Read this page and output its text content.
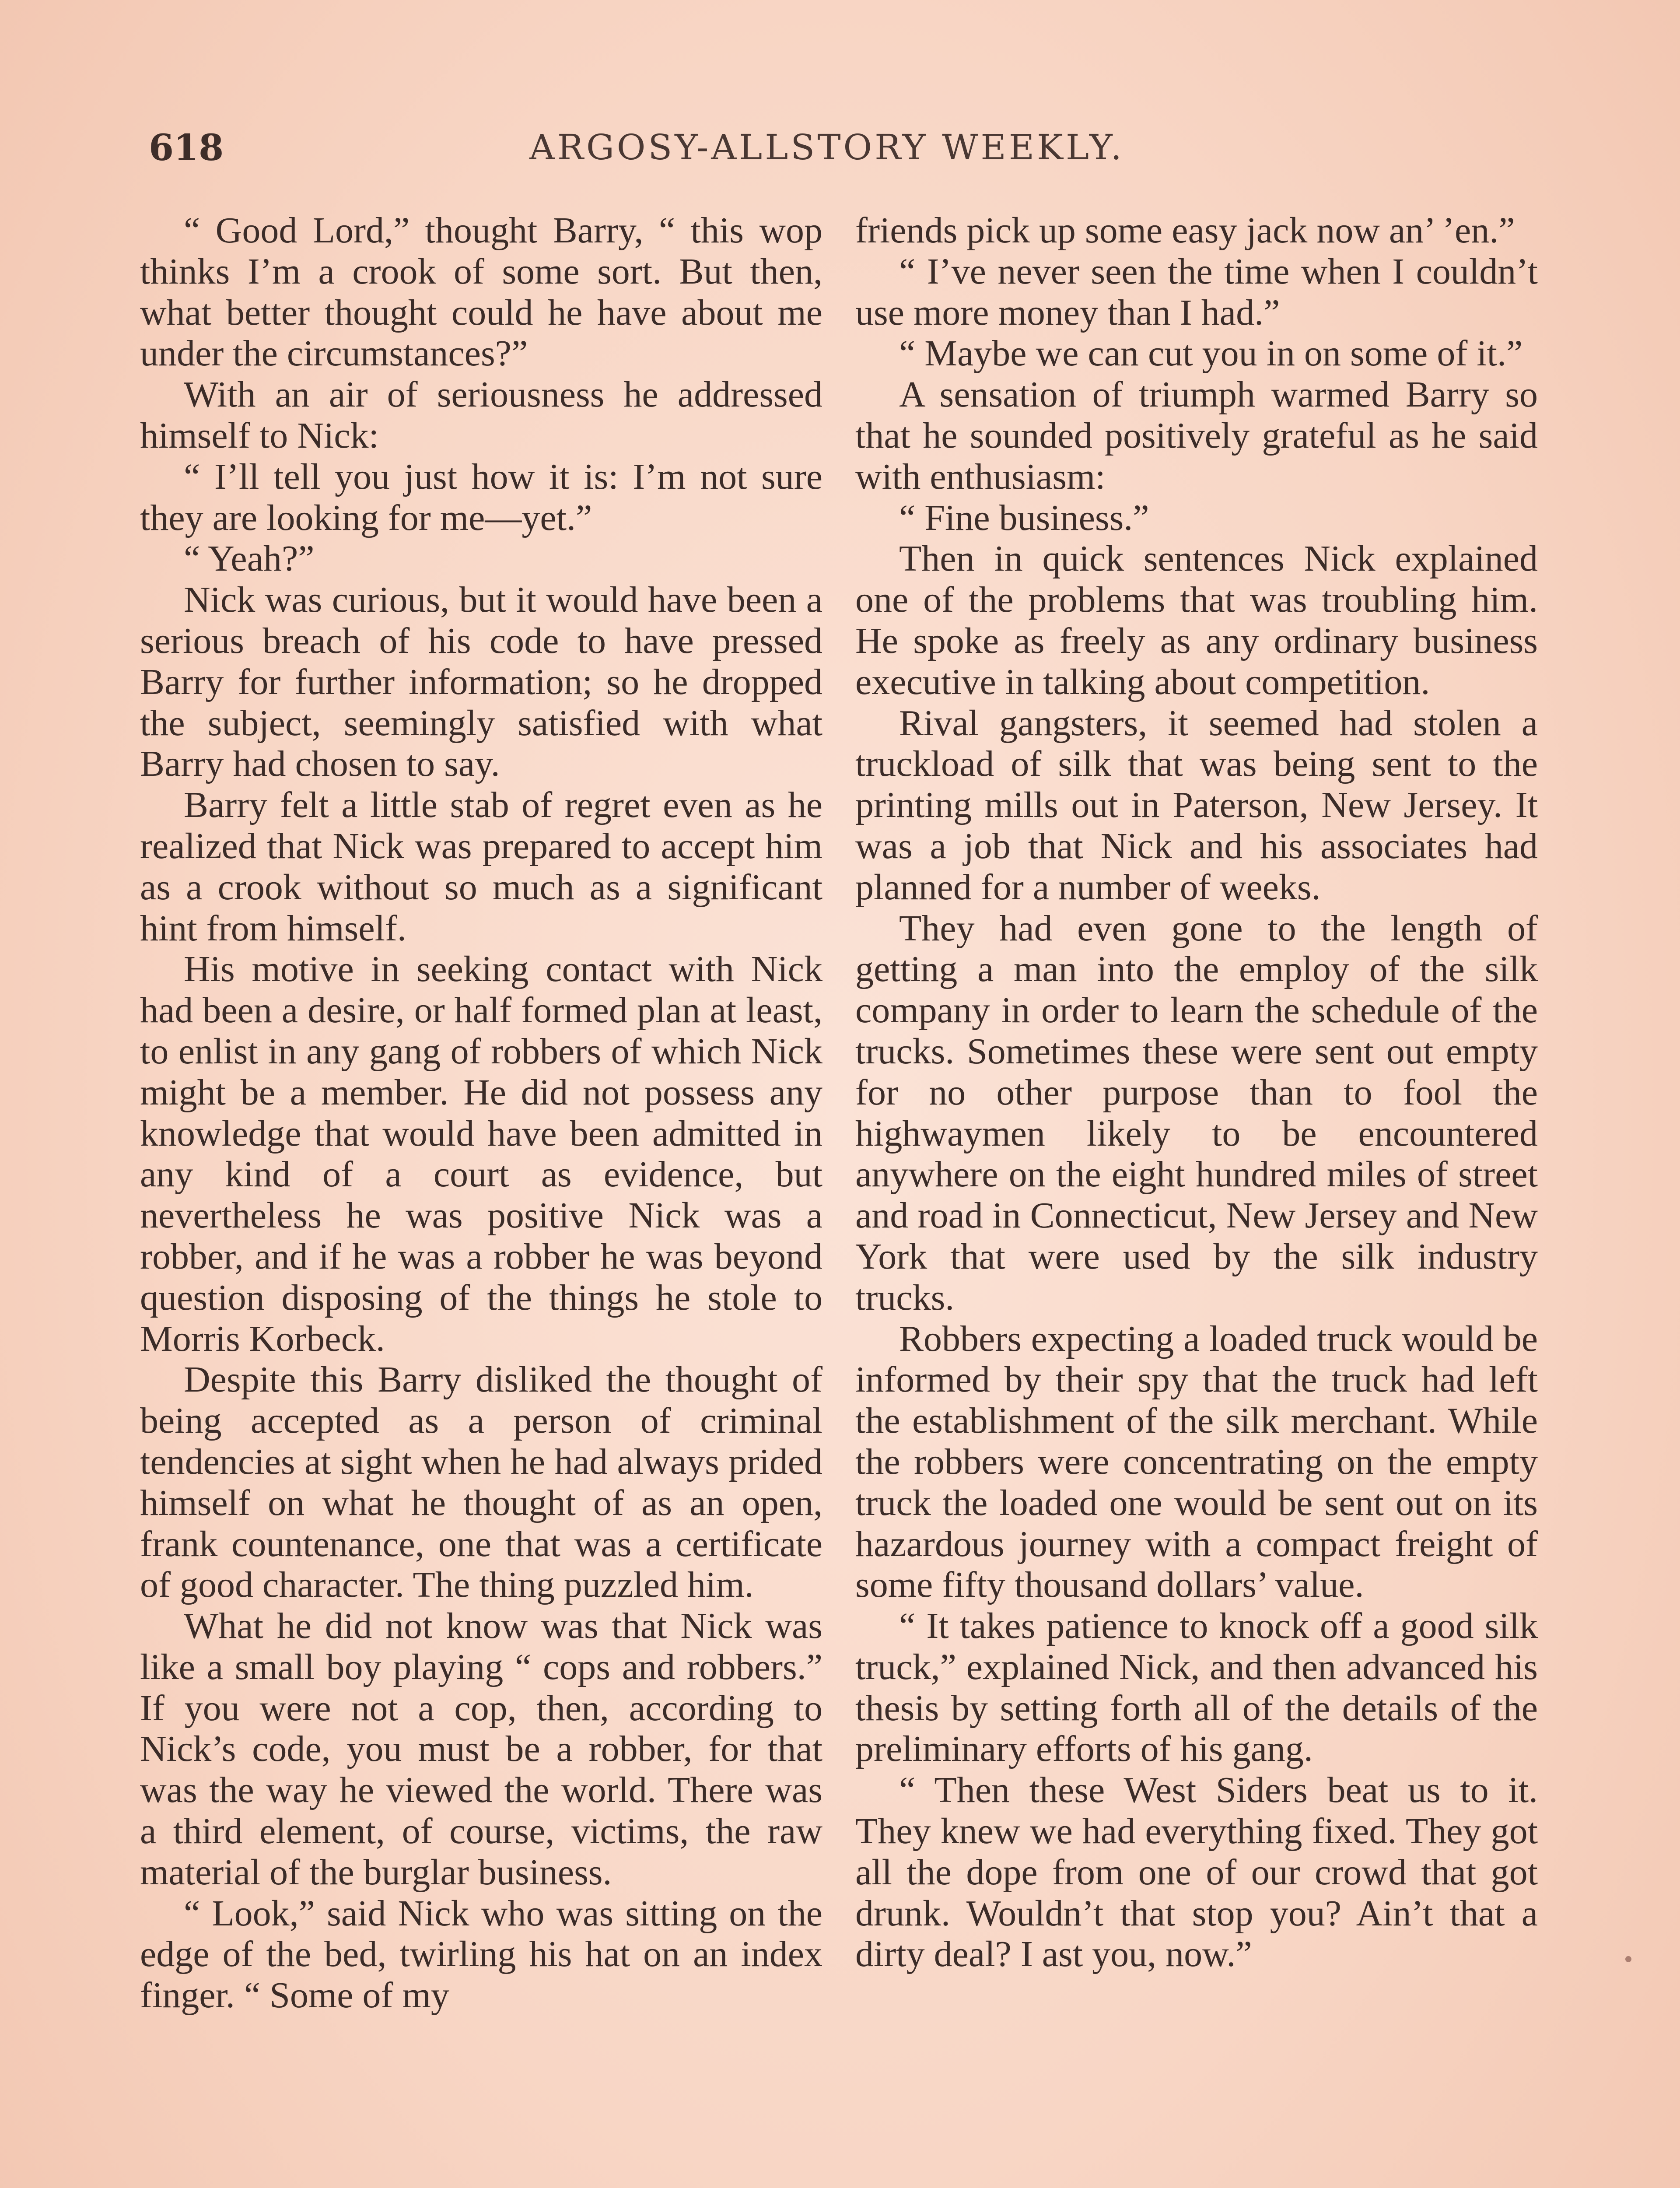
618	ARGOSY-ALLSTORY WEEKLY.

“ Good Lord,” thought Barry, “ this wop thinks I’m a crook of some sort. But then, what better thought could he have about me under the circumstances?”

With an air of seriousness he addressed himself to Nick:

“ I’ll tell you just how it is: I’m not sure they are looking for me—yet.”

“ Yeah?”

Nick was curious, but it would have been a serious breach of his code to have pressed Barry for further information; so he dropped the subject, seemingly satisfied with what Barry had chosen to say.

Barry felt a little stab of regret even as he realized that Nick was prepared to accept him as a crook without so much as a significant hint from himself.

His motive in seeking contact with Nick had been a desire, or half formed plan at least, to enlist in any gang of robbers of which Nick might be a member. He did not possess any knowledge that would have been admitted in any kind of a court as evidence, but nevertheless he was positive Nick was a robber, and if he was a robber he was beyond question disposing of the things he stole to Morris Korbeck.

Despite this Barry disliked the thought of being accepted as a person of criminal tendencies at sight when he had always prided himself on what he thought of as an open, frank countenance, one that was a certificate of good character. The thing puzzled him.

What he did not know was that Nick was like a small boy playing “ cops and robbers.” If you were not a cop, then, according to Nick’s code, you must be a robber, for that was the way he viewed the world. There was a third element, of course, victims, the raw material of the burglar business.

“ Look,” said Nick who was sitting on the edge of the bed, twirling his hat on an index finger. “ Some of my

friends pick up some easy jack now an’ ’en.”

“ I’ve never seen the time when I couldn’t use more money than I had.”

“ Maybe we can cut you in on some of it.”

A sensation of triumph warmed Barry so that he sounded positively grateful as he said with enthusiasm:

“ Fine business.”

Then in quick sentences Nick explained one of the problems that was troubling him. He spoke as freely as any ordinary business executive in talking about competition.

Rival gangsters, it seemed had stolen a truckload of silk that was being sent to the printing mills out in Paterson, New Jersey. It was a job that Nick and his associates had planned for a number of weeks.

They had even gone to the length of getting a man into the employ of the silk company in order to learn the schedule of the trucks. Sometimes these were sent out empty for no other purpose than to fool the highwaymen likely to be encountered anywhere on the eight hundred miles of street and road in Connecticut, New Jersey and New York that were used by the silk industry trucks.

Robbers expecting a loaded truck would be informed by their spy that the truck had left the establishment of the silk merchant. While the robbers were concentrating on the empty truck the loaded one would be sent out on its hazardous journey with a compact freight of some fifty thousand dollars’ value.

“ It takes patience to knock off a good silk truck,” explained Nick, and then advanced his thesis by setting forth all of the details of the preliminary efforts of his gang.

“ Then these West Siders beat us to it. They knew we had everything fixed. They got all the dope from one of our crowd that got drunk. Wouldn’t that stop you? Ain’t that a dirty deal? I ast you, now.”
